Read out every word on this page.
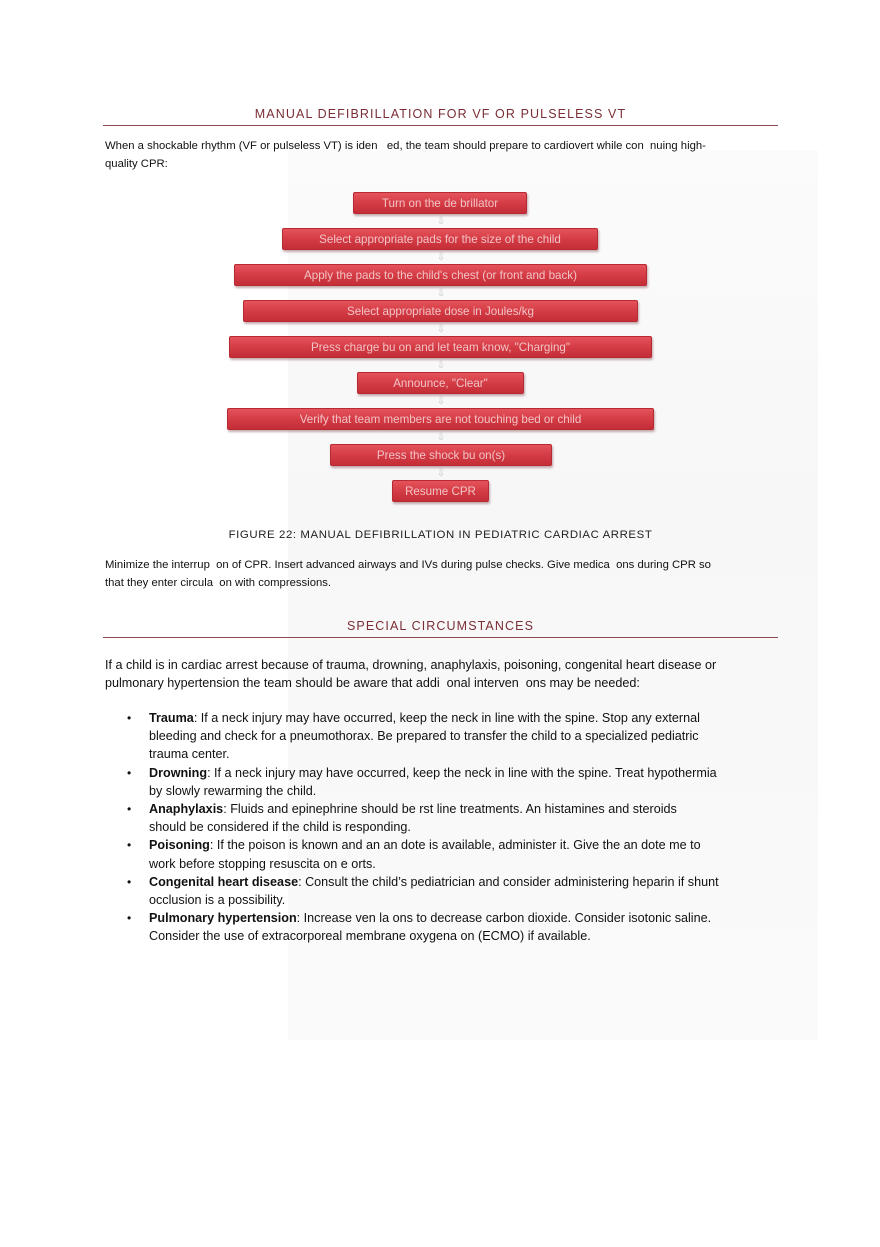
MANUAL DEFIBRILLATION FOR VF OR PULSELESS VT
When a shockable rhythm (VF or pulseless VT) is iden   ed, the team should prepare to cardiovert while con  nuing high-
quality CPR:
Turn on the de brillator
⇩
Select appropriate pads for the size of the child
⇩
Apply the pads to the child's chest (or front and back)
⇩
Select appropriate dose in Joules/kg
⇩
Press charge bu on and let team know, "Charging"
⇩
Announce, "Clear"
⇩
Verify that team members are not touching bed or child
⇩
Press the shock bu on(s)
⇩
Resume CPR
FIGURE 22: MANUAL DEFIBRILLATION IN PEDIATRIC CARDIAC ARREST
Minimize the interrup  on of CPR. Insert advanced airways and IVs during pulse checks. Give medica  ons during CPR so
that they enter circula  on with compressions.
SPECIAL CIRCUMSTANCES
If a child is in cardiac arrest because of trauma, drowning, anaphylaxis, poisoning, congenital heart disease or
pulmonary hypertension the team should be aware that addi  onal interven  ons may be needed:
• Trauma: If a neck injury may have occurred, keep the neck in line with the spine. Stop any external
bleeding and check for a pneumothorax. Be prepared to transfer the child to a specialized pediatric
trauma center.
• Drowning: If a neck injury may have occurred, keep the neck in line with the spine. Treat hypothermia
by slowly rewarming the child.
• Anaphylaxis: Fluids and epinephrine should be rst line treatments. An histamines and steroids
should be considered if the child is responding.
• Poisoning: If the poison is known and an an dote is available, administer it. Give the an dote me to
work before stopping resuscita on e orts.
• Congenital heart disease: Consult the child’s pediatrician and consider administering heparin if shunt
occlusion is a possibility.
• Pulmonary hypertension: Increase ven la ons to decrease carbon dioxide. Consider isotonic saline.
Consider the use of extracorporeal membrane oxygena on (ECMO) if available.
